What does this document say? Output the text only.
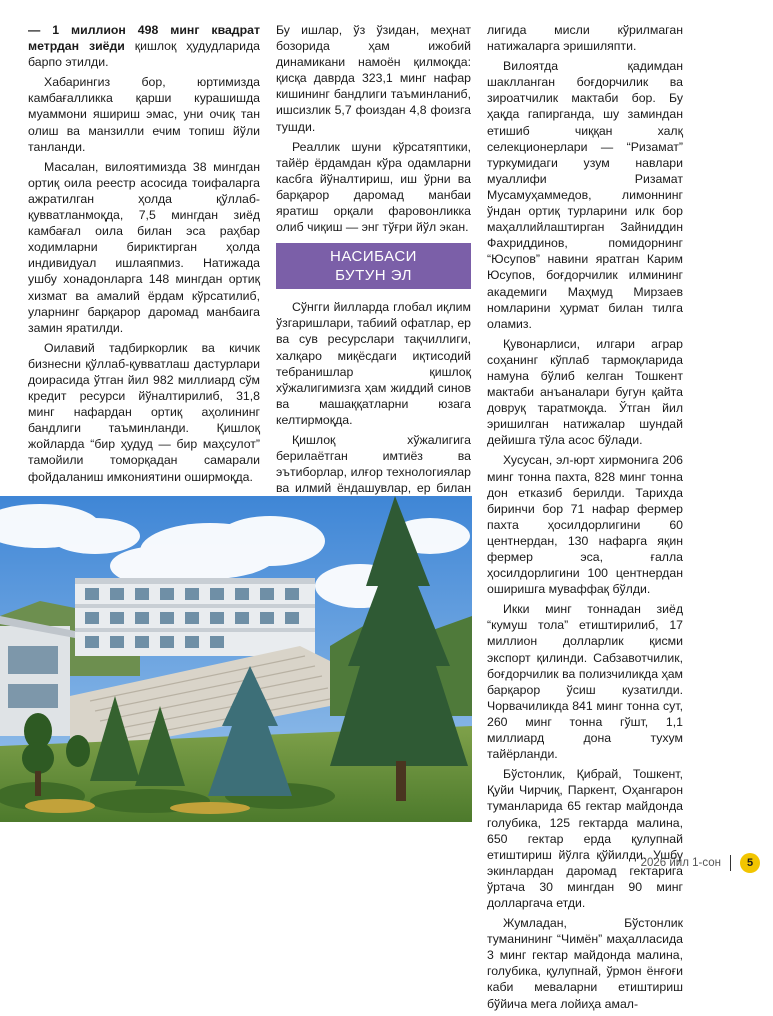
— 1 миллион 498 минг квадрат метрдан зиёди қишлоқ ҳудудларида барпо этилди.

Хабарингиз бор, юртимизда камбағалликка қарши курашишда муаммони яшириш эмас, уни очиқ тан олиш ва манзилли ечим топиш йўли танланди.

Масалан, вилоятимизда 38 мингдан ортиқ оила реестр асосида тоифаларга ажратилган ҳолда қўллаб-қувватланмоқда, 7,5 мингдан зиёд камбағал оила билан эса раҳбар ходимларни бириктирган ҳолда индивидуал ишлаяпмиз. Натижада ушбу хонадонларга 148 мингдан ортиқ хизмат ва амалий ёрдам кўрсатилиб, уларнинг барқарор даромад манбаига замин яратилди.

Оилавий тадбиркорлик ва кичик бизнесни қўллаб-қувватлаш дастурлари доирасида ўтган йил 982 миллиард сўм кредит ресурси йўналтирилиб, 31,8 минг нафардан ортиқ аҳолининг бандлиги таъминланди. Қишлоқ жойларда “бир ҳудуд — бир маҳсулот” тамойили томорқадан самарали фойдаланиш имкониятини оширмоқда.

Бу ишлар, ўз ўзидан, меҳнат бозорида ҳам ижобий динамикани намоён қилмоқда: қисқа даврда 323,1 минг нафар кишининг бандлиги таъминланиб, ишсизлик 5,7 фоиздан 4,8 фоизга тушди.

Реаллик шуни кўрсатяптики, тайёр ёрдамдан кўра одамларни касбга йўналтириш, иш ўрни ва барқарор даромад манбаи яратиш орқали фаровонликка олиб чиқиш — энг тўғри йўл экан.

НАСИБАСИ
БУТУН ЭЛ

Сўнгги йилларда глобал иқлим ўзгаришлари, табиий офатлар, ер ва сув ресурслари тақчиллиги, халқаро миқёсдаги иқтисодий тебранишлар қишлоқ хўжалигимизга ҳам жиддий синов ва машаққатларни юзага келтирмоқда.

Қишлоқ хўжалигига берилаётган имтиёз ва эътиборлар, илғор технологиялар ва илмий ёндашувлар, ер билан

лигида мисли кўрилмаган натижаларга эришиляпти.

Вилоятда қадимдан шаклланган боғдорчилик ва зироатчилик мактаби бор. Бу ҳақда гапирганда, шу заминдан етишиб чиққан халқ селекционерлари — “Ризамат” туркумидаги узум навлари муаллифи Ризамат Мусамуҳаммедов, лимоннинг ўндан ортиқ турларини илк бор маҳаллийлаштирган Зайниддин Фахриддинов, помидорнинг “Юсупов” навини яратган Карим Юсупов, боғдорчилик илмининг академиги Маҳмуд Мирзаев номларини ҳурмат билан тилга оламиз.

Қувонарлиси, илгари аграр соҳанинг кўплаб тармоқларида намуна бўлиб келган Тошкент мактаби анъаналари бугун қайта довруқ таратмоқда. Ўтган йил эришилган натижалар шундай дейишга тўла асос бўлади.

Хусусан, эл-юрт хирмонига 206 минг тонна пахта, 828 минг тонна дон етказиб берилди. Тарихда биринчи бор 71 нафар фермер пахта ҳосилдорлигини 60 центнердан, 130 нафарга яқин фермер эса, ғалла ҳосилдорлигини 100 центнердан оширишга муваффақ бўлди.

Икки минг тоннадан зиёд “кумуш тола” етиштирилиб, 17 миллион долларлик қисми экспорт қилинди. Сабзавотчилик, боғдорчилик ва полизчиликда ҳам барқарор ўсиш кузатилди. Чорвачиликда 841 минг тонна сут, 260 минг тонна гўшт, 1,1 миллиард дона тухум тайёрланди.

Бўстонлик, Қибрай, Тошкент, Қуйи Чирчиқ, Паркент, Оҳангарон туманларида 65 гектар майдонда голубика, 125 гектарда малина, 650 гектар ерда қулупнай етиштириш йўлга қўйилди. Ушбу экинлардан даромад гектарига ўртача 30 мингдан 90 минг долларгача етди.

Жумладан, Бўстонлик туманининг “Чимён” маҳалласида 3 минг гектар майдонда малина, голубика, қулупнай, ўрмон ёнғоғи каби меваларни етиштириш бўйича мега лойиҳа амал-

2026 йил 1-сон	5
